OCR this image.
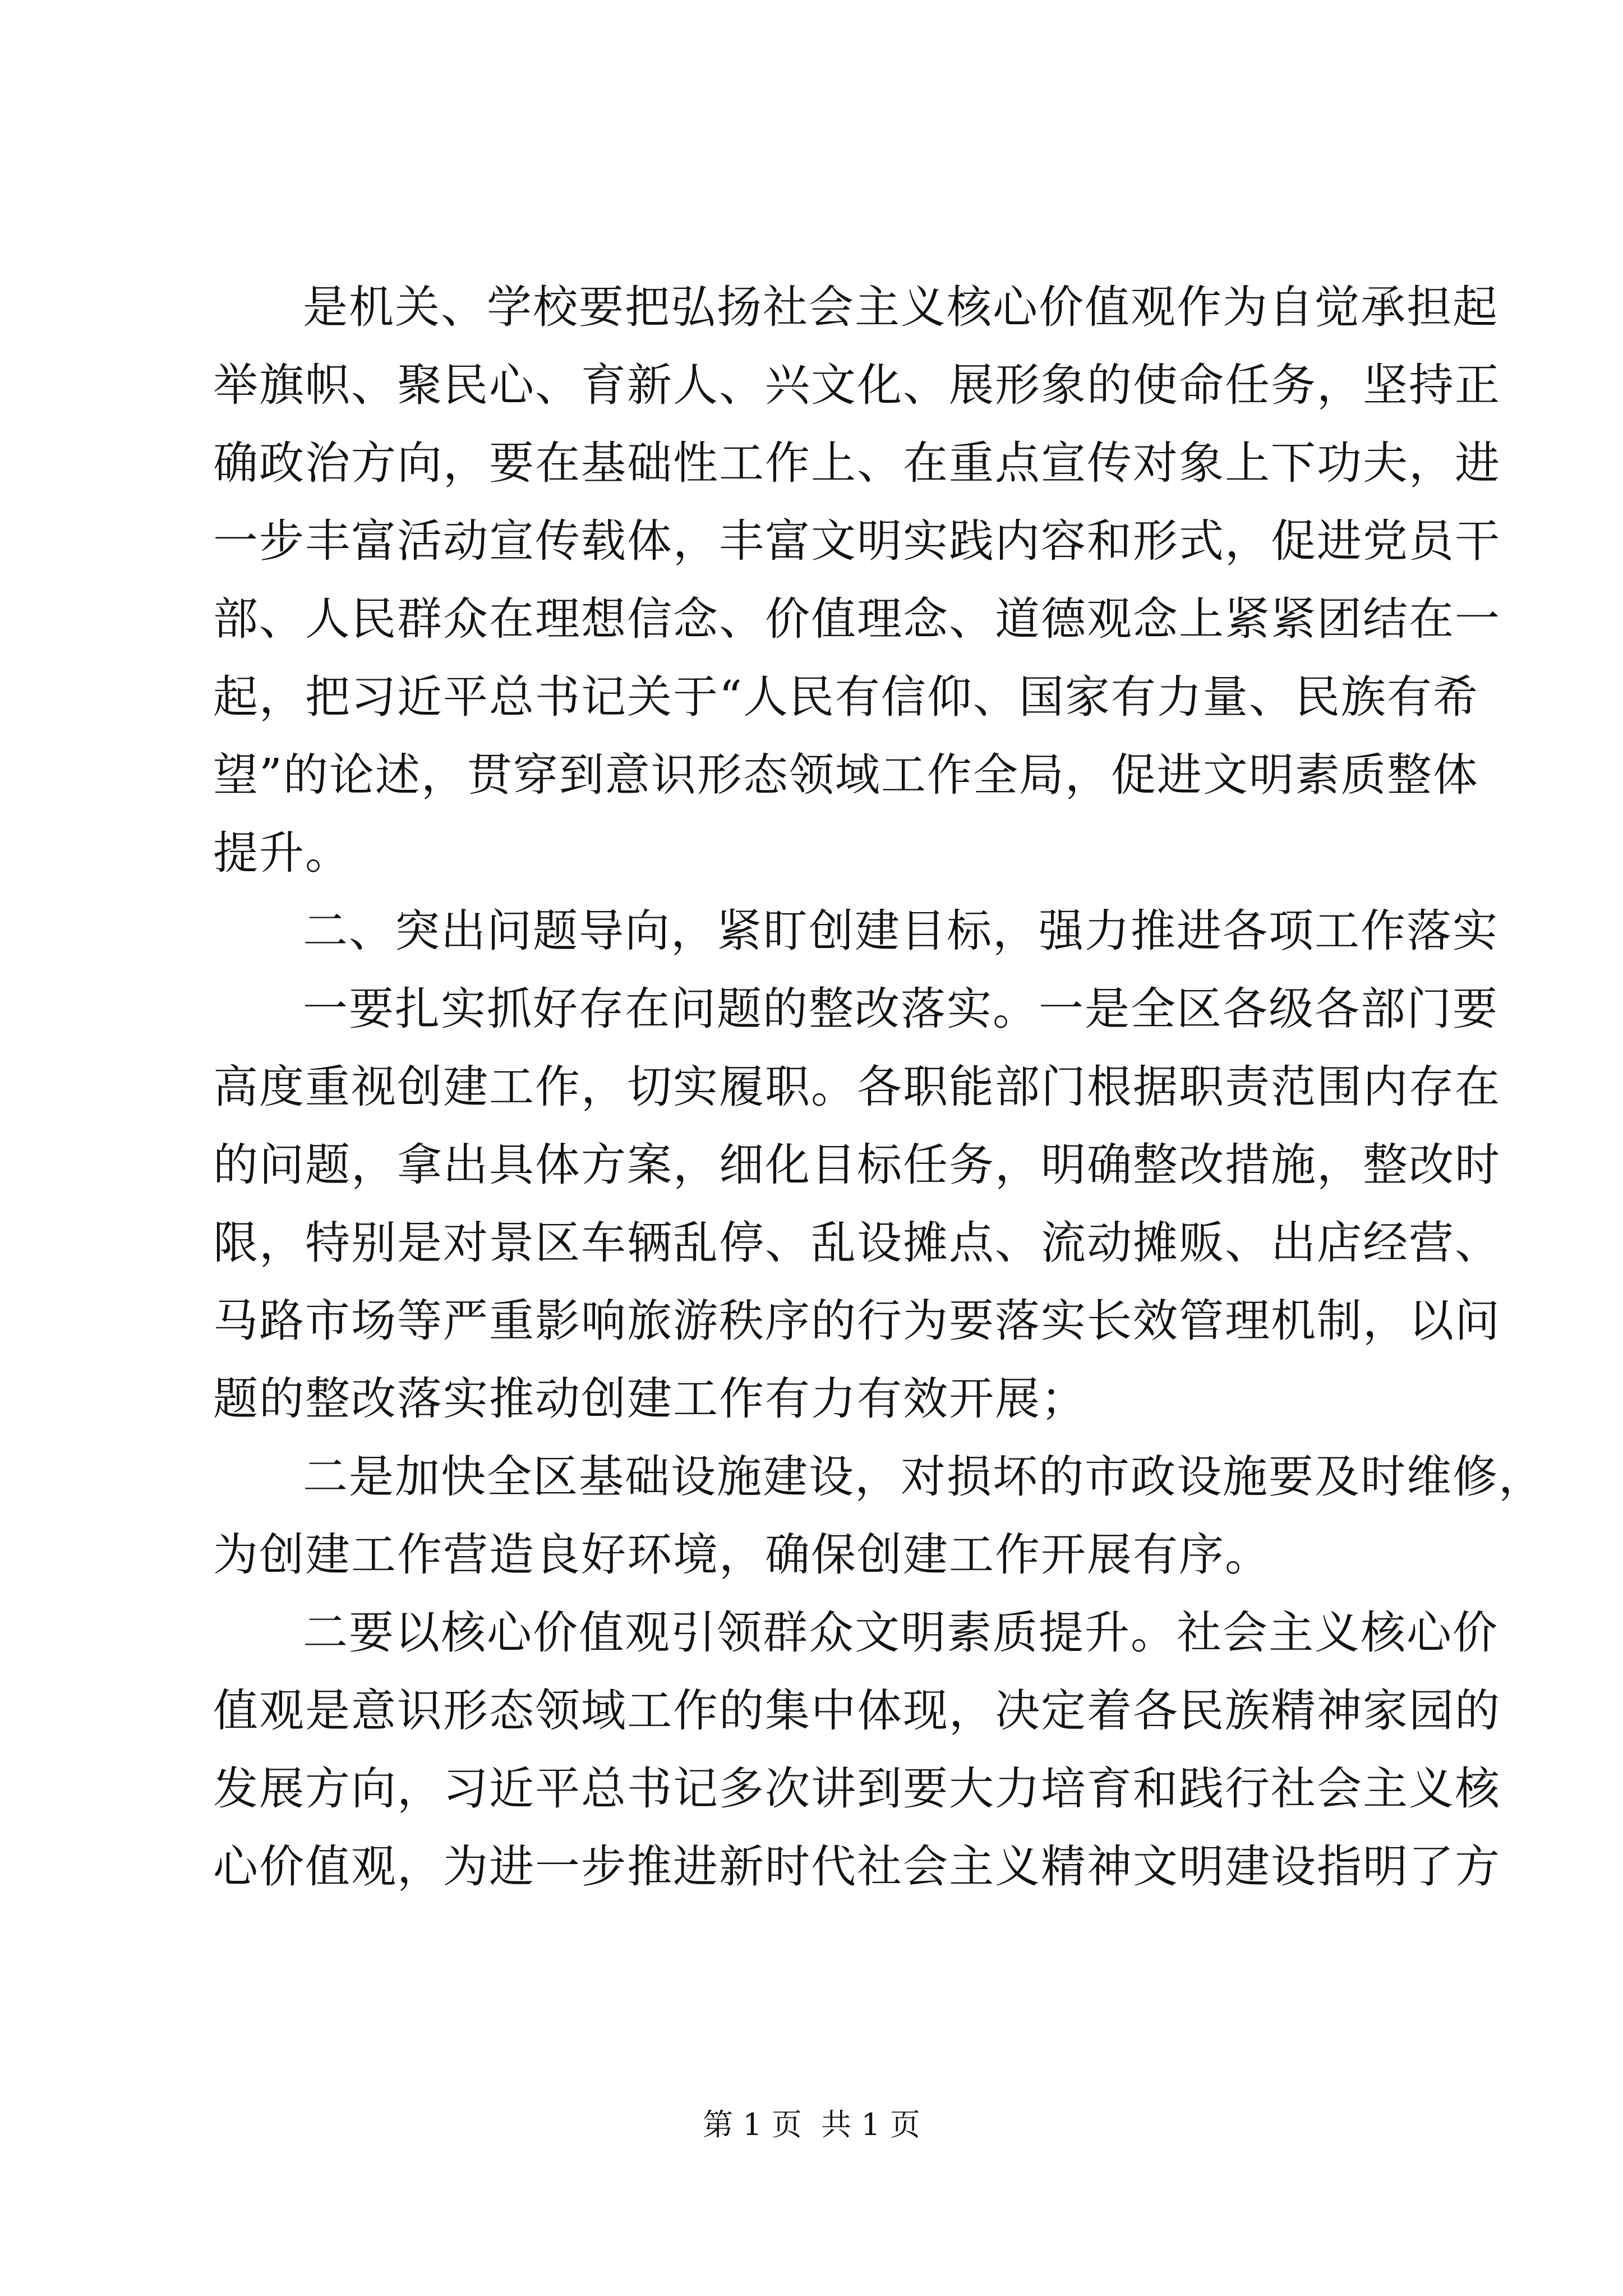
是机关、学校要把弘扬社会主义核心价值观作为自觉承担起
举旗帜、聚民心、育新人、兴文化、展形象的使命任务，坚持正
确政治方向，要在基础性工作上、在重点宣传对象上下功夫，进
一步丰富活动宣传载体，丰富文明实践内容和形式，促进党员干
部、人民群众在理想信念、价值理念、道德观念上紧紧团结在一
起，把习近平总书记关于“人民有信仰、国家有力量、民族有希
望”的论述，贯穿到意识形态领域工作全局，促进文明素质整体
提升。
二、突出问题导向，紧盯创建目标，强力推进各项工作落实
一要扎实抓好存在问题的整改落实。一是全区各级各部门要
高度重视创建工作，切实履职。各职能部门根据职责范围内存在
的问题，拿出具体方案，细化目标任务，明确整改措施，整改时
限，特别是对景区车辆乱停、乱设摊点、流动摊贩、出店经营、
马路市场等严重影响旅游秩序的行为要落实长效管理机制，以问
题的整改落实推动创建工作有力有效开展；
二是加快全区基础设施建设，对损坏的市政设施要及时维修，
为创建工作营造良好环境，确保创建工作开展有序。
二要以核心价值观引领群众文明素质提升。社会主义核心价
值观是意识形态领域工作的集中体现，决定着各民族精神家园的
发展方向，习近平总书记多次讲到要大力培育和践行社会主义核
心价值观，为进一步推进新时代社会主义精神文明建设指明了方
第 1 页  共 1 页
